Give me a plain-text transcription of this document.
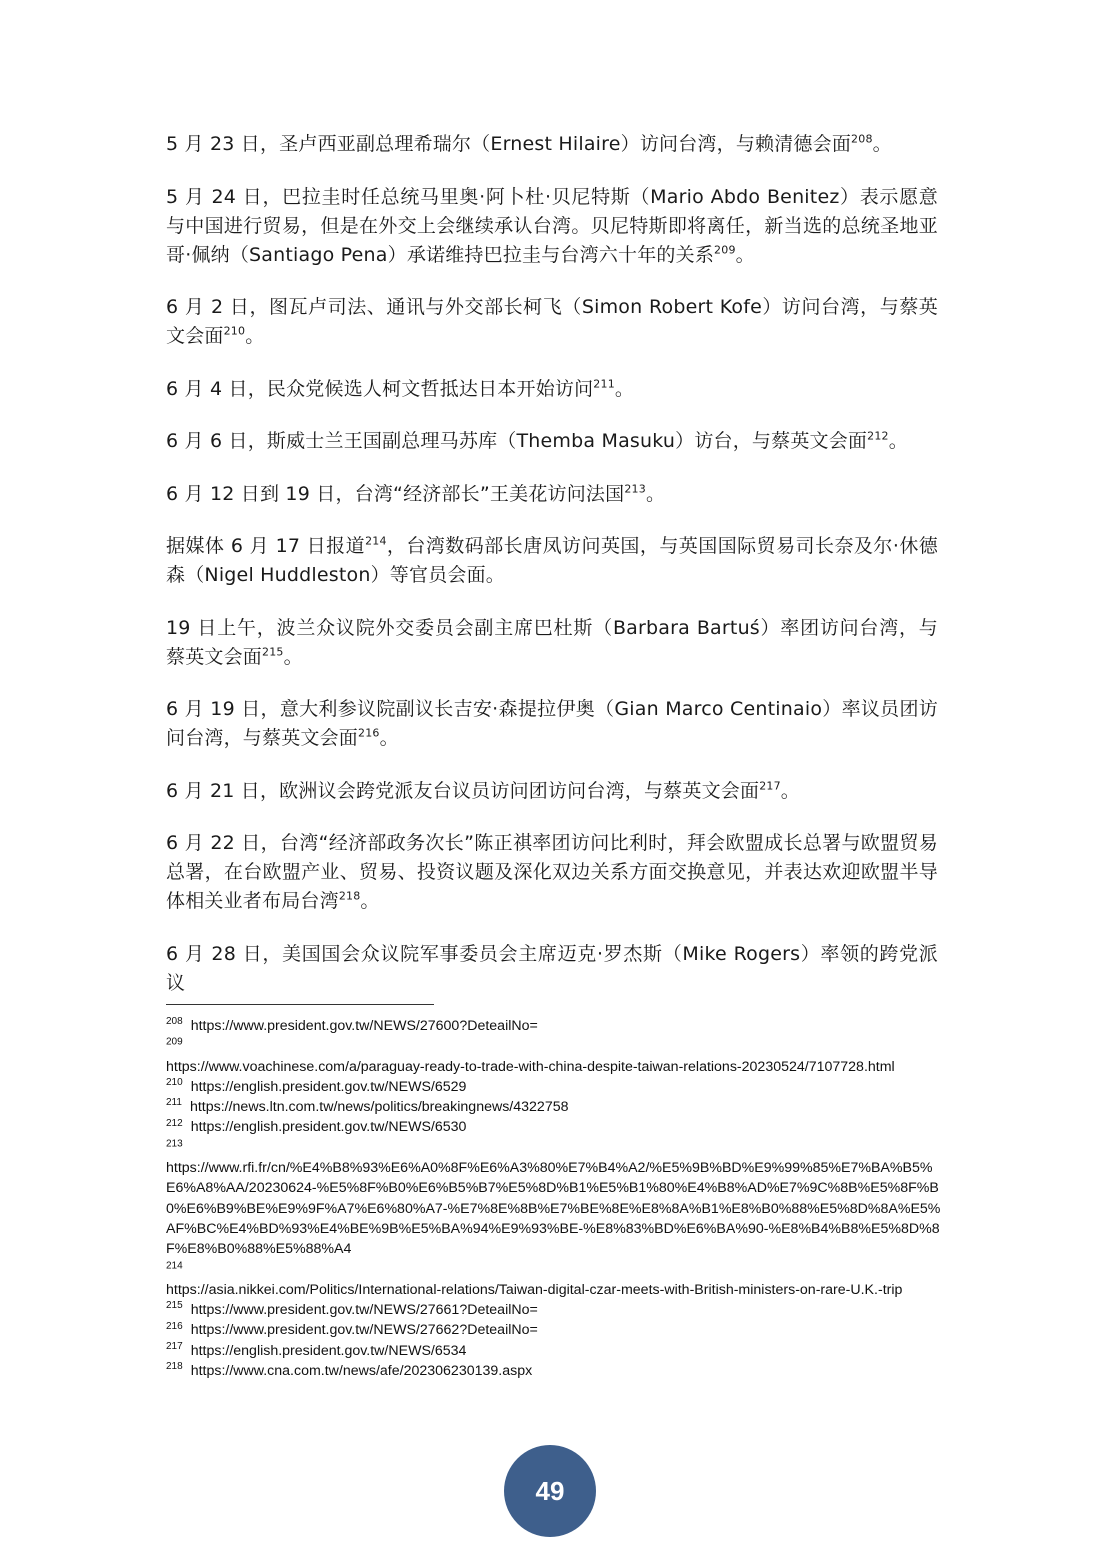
5 月 23 日，圣卢西亚副总理希瑞尔（Ernest Hilaire）访问台湾，与赖清德会面$^{208}$。

5 月 24 日，巴拉圭时任总统马里奥·阿卜杜·贝尼特斯（Mario Abdo Benitez）表示愿意与中国进行贸易，但是在外交上会继续承认台湾。贝尼特斯即将离任，新当选的总统圣地亚哥·佩纳（Santiago Pena）承诺维持巴拉圭与台湾六十年的关系$^{209}$。

6 月 2 日，图瓦卢司法、通讯与外交部长柯飞（Simon Robert Kofe）访问台湾，与蔡英文会面$^{210}$。

6 月 4 日，民众党候选人柯文哲抵达日本开始访问$^{211}$。

6 月 6 日，斯威士兰王国副总理马苏库（Themba Masuku）访台，与蔡英文会面$^{212}$。

6 月 12 日到 19 日，台湾“经济部长”王美花访问法国$^{213}$。

据媒体 6 月 17 日报道$^{214}$，台湾数码部长唐凤访问英国，与英国国际贸易司长奈及尔·休德森（Nigel Huddleston）等官员会面。

19 日上午，波兰众议院外交委员会副主席巴杜斯（Barbara Bartuś）率团访问台湾，与蔡英文会面$^{215}$。

6 月 19 日，意大利参议院副议长吉安·森提拉伊奥（Gian Marco Centinaio）率议员团访问台湾，与蔡英文会面$^{216}$。

6 月 21 日，欧洲议会跨党派友台议员访问团访问台湾，与蔡英文会面$^{217}$。

6 月 22 日，台湾“经济部政务次长”陈正祺率团访问比利时，拜会欧盟成长总署与欧盟贸易总署，在台欧盟产业、贸易、投资议题及深化双边关系方面交换意见，并表达欢迎欧盟半导体相关业者布局台湾$^{218}$。

6 月 28 日，美国国会众议院军事委员会主席迈克·罗杰斯（Mike Rogers）率领的跨党派议

$^{208}$ https://www.president.gov.tw/NEWS/27600?DeteailNo=

$^{209}$
https://www.voachinese.com/a/paraguay-ready-to-trade-with-china-despite-taiwan-relations-20230524/7107728.html

$^{210}$ https://english.president.gov.tw/NEWS/6529

$^{211}$ https://news.ltn.com.tw/news/politics/breakingnews/4322758

$^{212}$ https://english.president.gov.tw/NEWS/6530

$^{213}$
https://www.rfi.fr/cn/%E4%B8%93%E6%A0%8F%E6%A3%80%E7%B4%A2/%E5%9B%BD%E9%99%85%E7%BA%B5%E6%A8%AA/20230624-%E5%8F%B0%E6%B5%B7%E5%8D%B1%E5%B1%80%E4%B8%AD%E7%9C%8B%E5%8F%B0%E6%B9%BE%E9%9F%A7%E6%80%A7-%E7%8E%8B%E7%BE%8E%E8%8A%B1%E8%B0%88%E5%8D%8A%E5%AF%BC%E4%BD%93%E4%BE%9B%E5%BA%94%E9%93%BE-%E8%83%BD%E6%BA%90-%E8%B4%B8%E5%8D%8F%E8%B0%88%E5%88%A4

$^{214}$
https://asia.nikkei.com/Politics/International-relations/Taiwan-digital-czar-meets-with-British-ministers-on-rare-U.K.-trip

$^{215}$ https://www.president.gov.tw/NEWS/27661?DeteailNo=

$^{216}$ https://www.president.gov.tw/NEWS/27662?DeteailNo=

$^{217}$ https://english.president.gov.tw/NEWS/6534

$^{218}$ https://www.cna.com.tw/news/afe/202306230139.aspx

49
